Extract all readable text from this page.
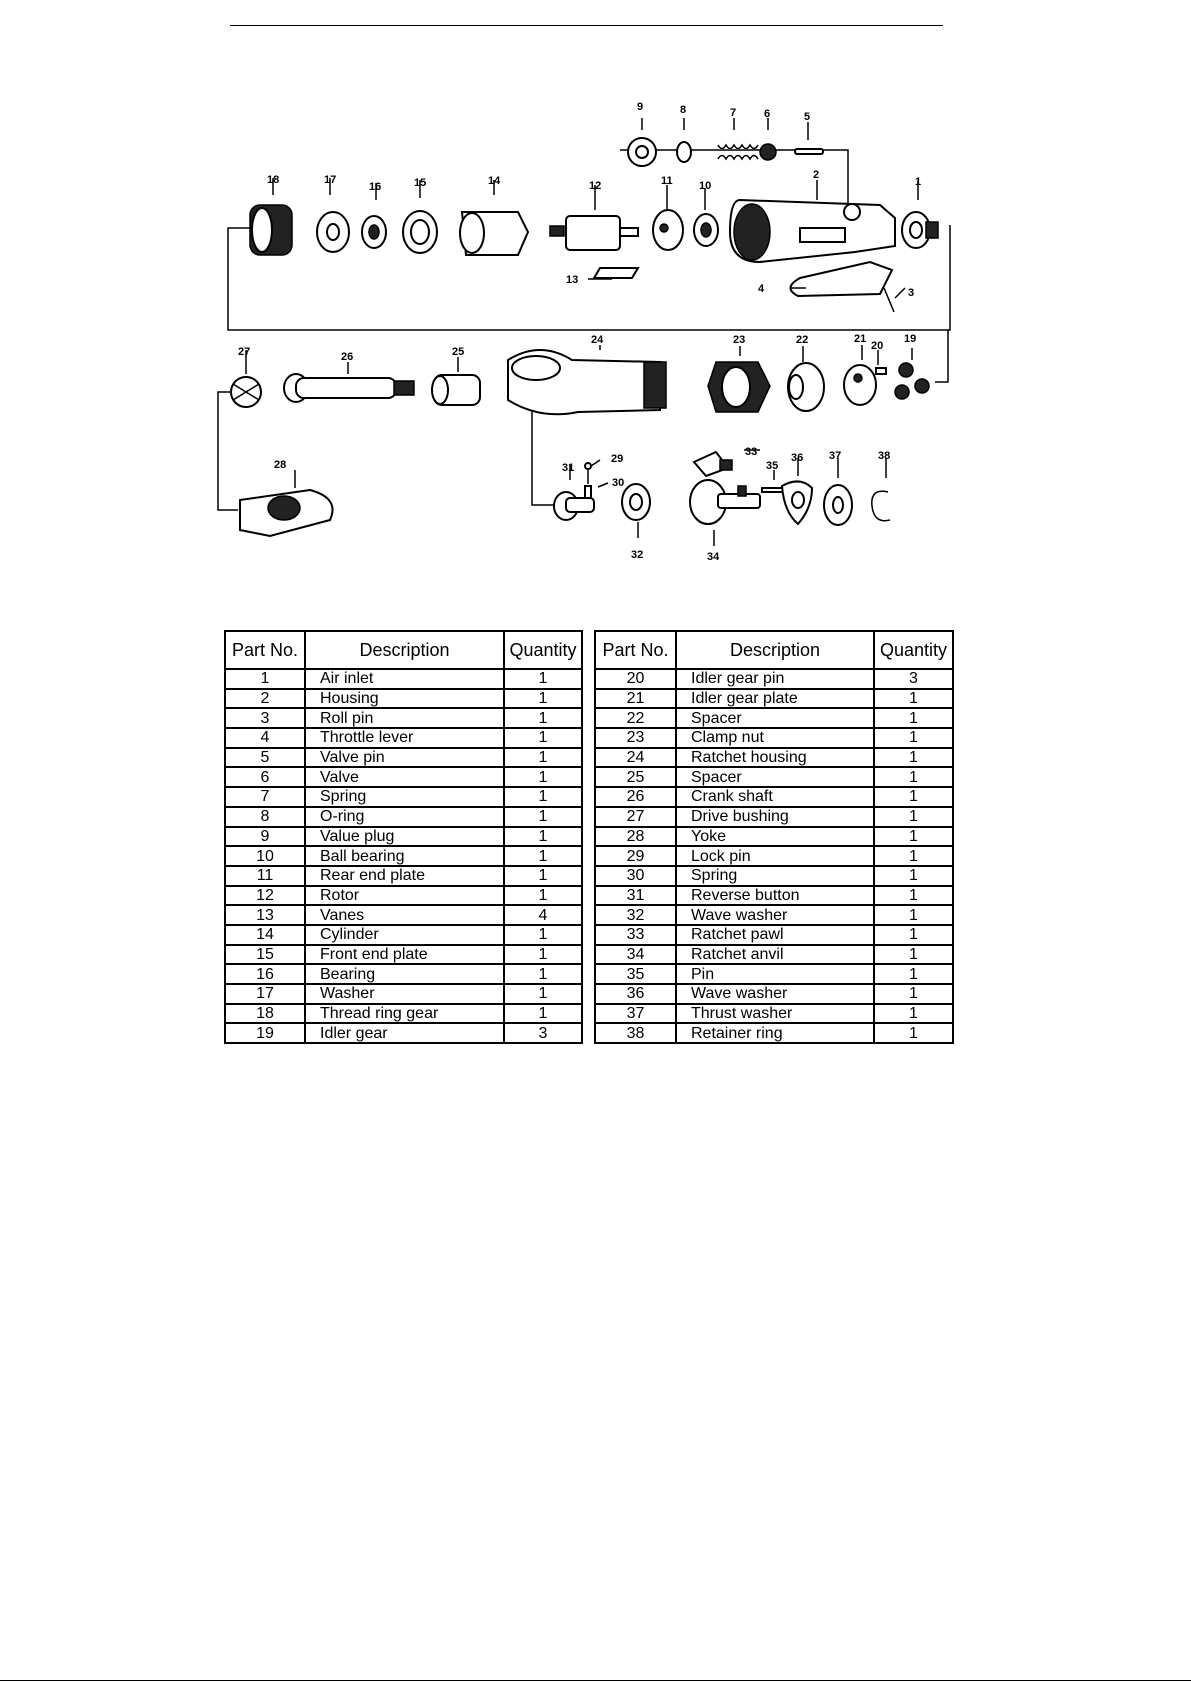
9	8	7	6	5
18	17
16	15	14	12	11 10
2
1
13
4	3
27	26	25
24	23	22	21
20
19
28	29
31
30
33
35
36 37	38
32	34
Part No.	Description	Quantity
1	Air inlet	1
2	Housing	1
3	Roll pin	1
4	Throttle lever	1
5	Valve pin	1
6	Valve	1
7	Spring	1
8	O-ring	1
9	Value plug	1
10	Ball bearing	1
11	Rear end plate	1
12	Rotor	1
13	Vanes	4
14	Cylinder	1
15	Front end plate	1
16	Bearing	1
17	Washer	1
18	Thread ring gear	1
19	Idler gear	3
Part No.	Description	Quantity
20	Idler gear pin	3
21	Idler gear plate	1
22	Spacer	1
23	Clamp nut	1
24	Ratchet housing	1
25	Spacer	1
26	Crank shaft	1
27	Drive bushing	1
28	Yoke	1
29	Lock pin	1
30	Spring	1
31	Reverse button	1
32	Wave washer	1
33	Ratchet pawl	1
34	Ratchet anvil	1
35	Pin	1
36	Wave washer	1
37	Thrust washer	1
38	Retainer ring	1
